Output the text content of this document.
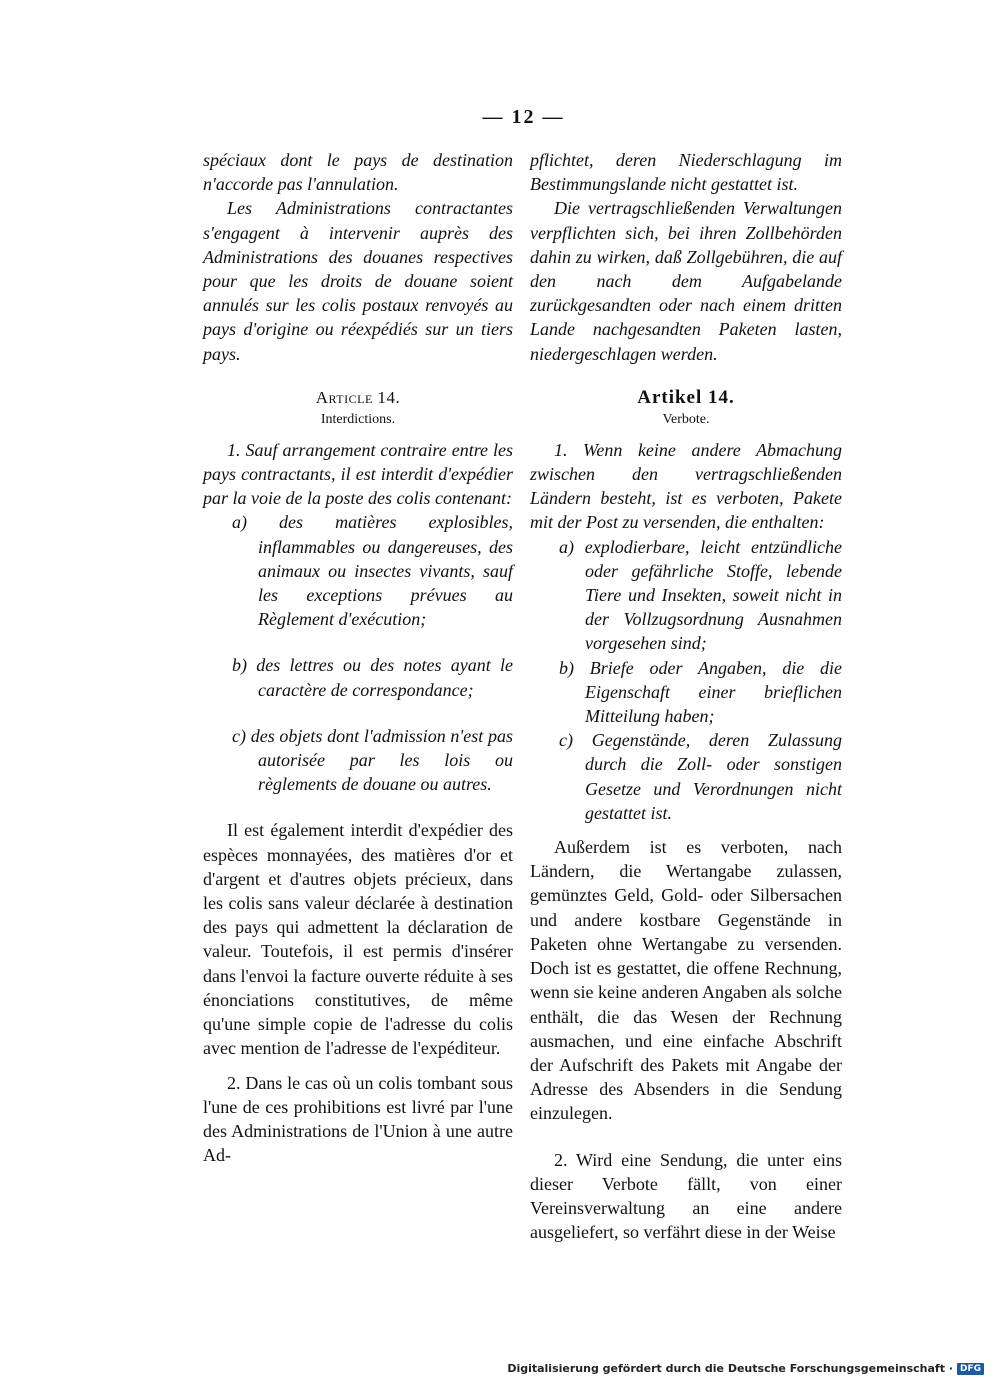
— 12 —

spéciaux dont le pays de destination n'accorde pas l'annulation.

Les Administrations contractantes s'engagent à intervenir auprès des Administrations des douanes respectives pour que les droits de douane soient annulés sur les colis postaux renvoyés au pays d'origine ou réexpédiés sur un tiers pays.

Article 14.
Interdictions.

1. Sauf arrangement contraire entre les pays contractants, il est interdit d'expédier par la voie de la poste des colis contenant:

a) des matières explosibles, inflammables ou dangereuses, des animaux ou insectes vivants, sauf les exceptions prévues au Règlement d'exécution;

b) des lettres ou des notes ayant le caractère de correspondance;

c) des objets dont l'admission n'est pas autorisée par les lois ou règlements de douane ou autres.

Il est également interdit d'expédier des espèces monnayées, des matières d'or et d'argent et d'autres objets précieux, dans les colis sans valeur déclarée à destination des pays qui admettent la déclaration de valeur. Toutefois, il est permis d'insérer dans l'envoi la facture ouverte réduite à ses énonciations constitutives, de même qu'une simple copie de l'adresse du colis avec mention de l'adresse de l'expéditeur.

2. Dans le cas où un colis tombant sous l'une de ces prohibitions est livré par l'une des Administrations de l'Union à une autre Ad-

pflichtet, deren Niederschlagung im Bestimmungslande nicht gestattet ist.

Die vertragschließenden Verwaltungen verpflichten sich, bei ihren Zollbehörden dahin zu wirken, daß Zollgebühren, die auf den nach dem Aufgabelande zurückgesandten oder nach einem dritten Lande nachgesandten Paketen lasten, niedergeschlagen werden.

Artikel 14.
Verbote.

1. Wenn keine andere Abmachung zwischen den vertragschließenden Ländern besteht, ist es verboten, Pakete mit der Post zu versenden, die enthalten:

a) explodierbare, leicht entzündliche oder gefährliche Stoffe, lebende Tiere und Insekten, soweit nicht in der Vollzugsordnung Ausnahmen vorgesehen sind;

b) Briefe oder Angaben, die die Eigenschaft einer brieflichen Mitteilung haben;

c) Gegenstände, deren Zulassung durch die Zoll- oder sonstigen Gesetze und Verordnungen nicht gestattet ist.

Außerdem ist es verboten, nach Ländern, die Wertangabe zulassen, gemünztes Geld, Gold- oder Silbersachen und andere kostbare Gegenstände in Paketen ohne Wertangabe zu versenden. Doch ist es gestattet, die offene Rechnung, wenn sie keine anderen Angaben als solche enthält, die das Wesen der Rechnung ausmachen, und eine einfache Abschrift der Aufschrift des Pakets mit Angabe der Adresse des Absenders in die Sendung einzulegen.

2. Wird eine Sendung, die unter eins dieser Verbote fällt, von einer Vereinsverwaltung an eine andere ausgeliefert, so verfährt diese in der Weise

Digitalisierung gefördert durch die Deutsche Forschungsgemeinschaft · DFG
